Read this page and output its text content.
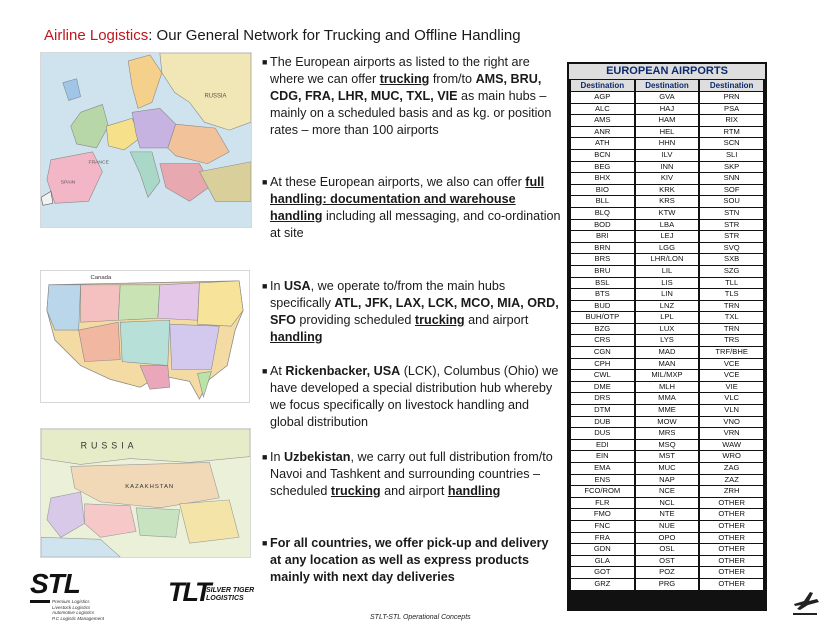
Airline Logistics: Our General Network for Trucking and Offline Handling
RUSSIA
FRANCE
SPAIN
Canada
RUSSIA
KAZAKHSTAN
■ The European airports as listed to the right are where we can offer trucking from/to AMS, BRU, CDG, FRA, LHR, MUC, TXL, VIE as main hubs – mainly on a scheduled basis and as kg. or position rates – more than 100 airports
■ At these European airports, we also can offer full handling: documentation and warehouse handling including all messaging, and co-ordination at site
■ In USA, we operate to/from the main hubs specifically ATL, JFK, LAX, LCK, MCO, MIA, ORD, SFO providing scheduled trucking and airport handling
■ At Rickenbacker, USA (LCK), Columbus (Ohio) we have developed a special distribution hub whereby we focus specifically on livestock handling and global distribution
■ In Uzbekistan, we carry out full distribution from/to Navoi and Tashkent and surrounding countries – scheduled trucking and airport handling
■ For all countries, we offer pick-up and delivery at any location as well as express products mainly with next day deliveries
EUROPEAN AIRPORTS
Destination	Destination	Destination
AGP	GVA	PRN
ALC	HAJ	PSA
AMS	HAM	RIX
ANR	HEL	RTM
ATH	HHN	SCN
BCN	ILV	SLI
BEG	INN	SKP
BHX	KIV	SNN
BIO	KRK	SOF
BLL	KRS	SOU
BLQ	KTW	STN
BOD	LBA	STR
BRI	LEJ	STR
BRN	LGG	SVQ
BRS	LHR/LON	SXB
BRU	LIL	SZG
BSL	LIS	TLL
BTS	LIN	TLS
BUD	LNZ	TRN
BUH/OTP	LPL	TXL
BZG	LUX	TRN
CRS	LYS	TRS
CGN	MAD	TRF/BHE
CPH	MAN	VCE
CWL	MIL/MXP	VCE
DME	MLH	VIE
DRS	MMA	VLC
DTM	MME	VLN
DUB	MOW	VNO
DUS	MRS	VRN
EDI	MSQ	WAW
EIN	MST	WRO
EMA	MUC	ZAG
ENS	NAP	ZAZ
FCO/ROM	NCE	ZRH
FLR	NCL	OTHER
FMO	NTE	OTHER
FNC	NUE	OTHER
FRA	OPO	OTHER
GDN	OSL	OTHER
GLA	OST	OTHER
GOT	POZ	OTHER
GRZ	PRG	OTHER
STL
Premium Logistics
Livestock Logistics
Automotive Logistics
P.C Logistic Management
TLT
SILVER TIGER
LOGISTICS
STLT-STL Operational Concepts
